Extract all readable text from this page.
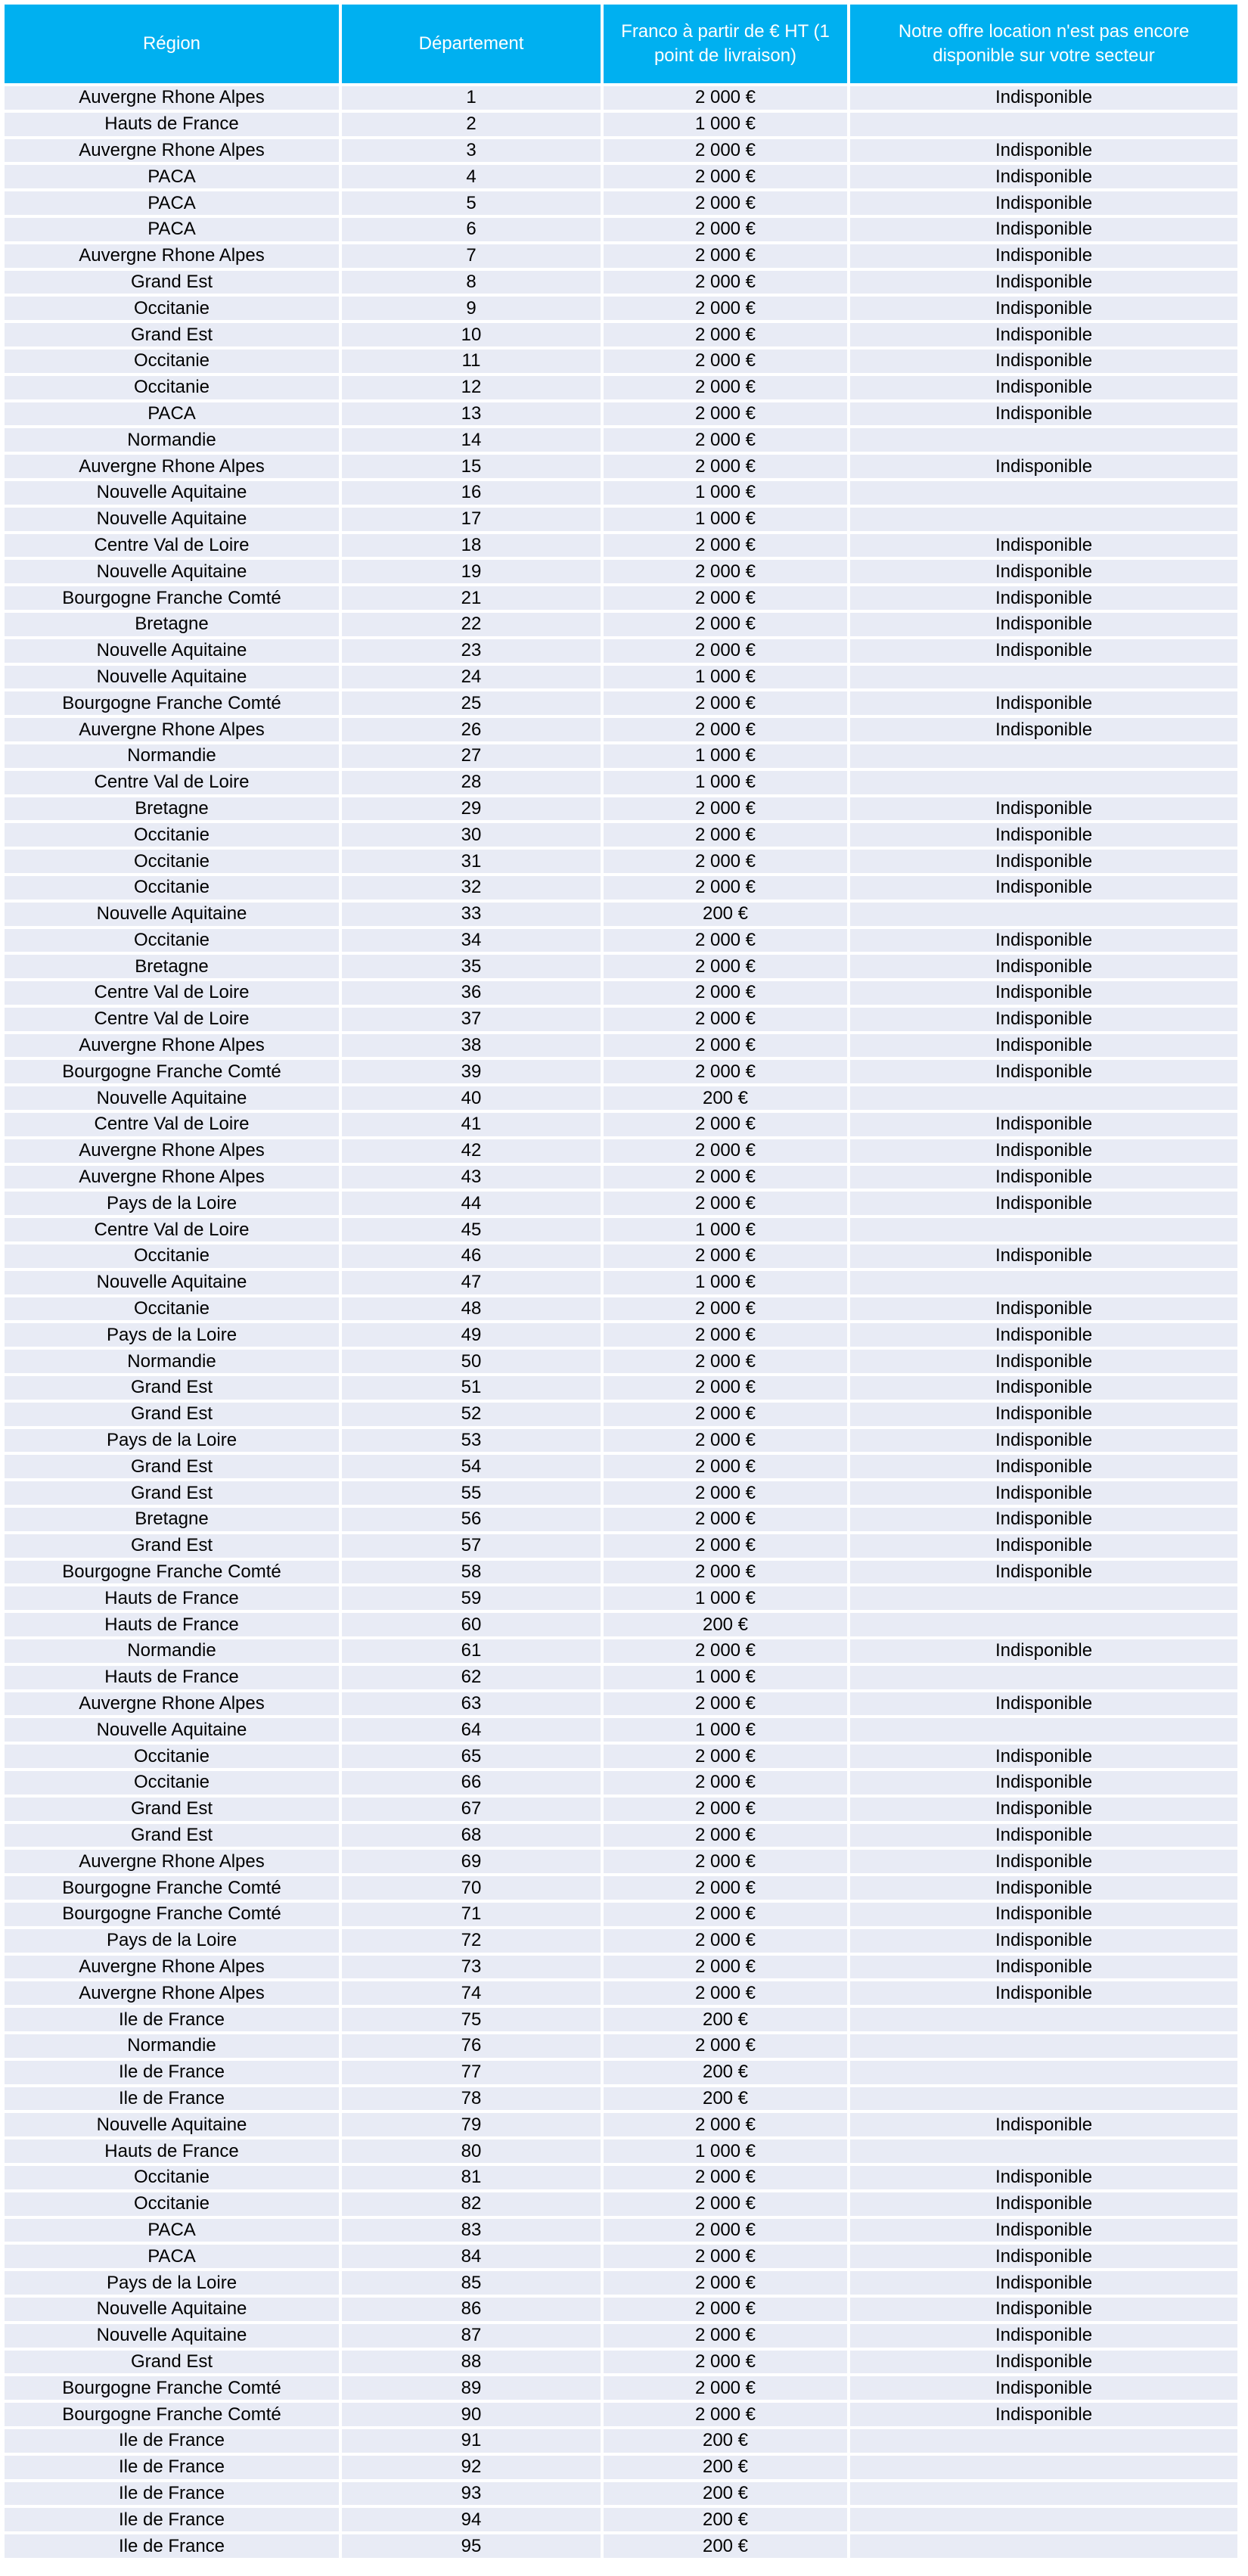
Région	Département	Franco à partir de € HT (1 point de livraison)	Notre offre location n'est pas encore disponible sur votre secteur
Auvergne Rhone Alpes	1	2 000 €	Indisponible
Hauts de France	2	1 000 €	
Auvergne Rhone Alpes	3	2 000 €	Indisponible
PACA	4	2 000 €	Indisponible
PACA	5	2 000 €	Indisponible
PACA	6	2 000 €	Indisponible
Auvergne Rhone Alpes	7	2 000 €	Indisponible
Grand Est	8	2 000 €	Indisponible
Occitanie	9	2 000 €	Indisponible
Grand Est	10	2 000 €	Indisponible
Occitanie	11	2 000 €	Indisponible
Occitanie	12	2 000 €	Indisponible
PACA	13	2 000 €	Indisponible
Normandie	14	2 000 €	
Auvergne Rhone Alpes	15	2 000 €	Indisponible
Nouvelle Aquitaine	16	1 000 €	
Nouvelle Aquitaine	17	1 000 €	
Centre Val de Loire	18	2 000 €	Indisponible
Nouvelle Aquitaine	19	2 000 €	Indisponible
Bourgogne Franche Comté	21	2 000 €	Indisponible
Bretagne	22	2 000 €	Indisponible
Nouvelle Aquitaine	23	2 000 €	Indisponible
Nouvelle Aquitaine	24	1 000 €	
Bourgogne Franche Comté	25	2 000 €	Indisponible
Auvergne Rhone Alpes	26	2 000 €	Indisponible
Normandie	27	1 000 €	
Centre Val de Loire	28	1 000 €	
Bretagne	29	2 000 €	Indisponible
Occitanie	30	2 000 €	Indisponible
Occitanie	31	2 000 €	Indisponible
Occitanie	32	2 000 €	Indisponible
Nouvelle Aquitaine	33	200 €	
Occitanie	34	2 000 €	Indisponible
Bretagne	35	2 000 €	Indisponible
Centre Val de Loire	36	2 000 €	Indisponible
Centre Val de Loire	37	2 000 €	Indisponible
Auvergne Rhone Alpes	38	2 000 €	Indisponible
Bourgogne Franche Comté	39	2 000 €	Indisponible
Nouvelle Aquitaine	40	200 €	
Centre Val de Loire	41	2 000 €	Indisponible
Auvergne Rhone Alpes	42	2 000 €	Indisponible
Auvergne Rhone Alpes	43	2 000 €	Indisponible
Pays de la Loire	44	2 000 €	Indisponible
Centre Val de Loire	45	1 000 €	
Occitanie	46	2 000 €	Indisponible
Nouvelle Aquitaine	47	1 000 €	
Occitanie	48	2 000 €	Indisponible
Pays de la Loire	49	2 000 €	Indisponible
Normandie	50	2 000 €	Indisponible
Grand Est	51	2 000 €	Indisponible
Grand Est	52	2 000 €	Indisponible
Pays de la Loire	53	2 000 €	Indisponible
Grand Est	54	2 000 €	Indisponible
Grand Est	55	2 000 €	Indisponible
Bretagne	56	2 000 €	Indisponible
Grand Est	57	2 000 €	Indisponible
Bourgogne Franche Comté	58	2 000 €	Indisponible
Hauts de France	59	1 000 €	
Hauts de France	60	200 €	
Normandie	61	2 000 €	Indisponible
Hauts de France	62	1 000 €	
Auvergne Rhone Alpes	63	2 000 €	Indisponible
Nouvelle Aquitaine	64	1 000 €	
Occitanie	65	2 000 €	Indisponible
Occitanie	66	2 000 €	Indisponible
Grand Est	67	2 000 €	Indisponible
Grand Est	68	2 000 €	Indisponible
Auvergne Rhone Alpes	69	2 000 €	Indisponible
Bourgogne Franche Comté	70	2 000 €	Indisponible
Bourgogne Franche Comté	71	2 000 €	Indisponible
Pays de la Loire	72	2 000 €	Indisponible
Auvergne Rhone Alpes	73	2 000 €	Indisponible
Auvergne Rhone Alpes	74	2 000 €	Indisponible
Ile de France	75	200 €	
Normandie	76	2 000 €	
Ile de France	77	200 €	
Ile de France	78	200 €	
Nouvelle Aquitaine	79	2 000 €	Indisponible
Hauts de France	80	1 000 €	
Occitanie	81	2 000 €	Indisponible
Occitanie	82	2 000 €	Indisponible
PACA	83	2 000 €	Indisponible
PACA	84	2 000 €	Indisponible
Pays de la Loire	85	2 000 €	Indisponible
Nouvelle Aquitaine	86	2 000 €	Indisponible
Nouvelle Aquitaine	87	2 000 €	Indisponible
Grand Est	88	2 000 €	Indisponible
Bourgogne Franche Comté	89	2 000 €	Indisponible
Bourgogne Franche Comté	90	2 000 €	Indisponible
Ile de France	91	200 €	
Ile de France	92	200 €	
Ile de France	93	200 €	
Ile de France	94	200 €	
Ile de France	95	200 €	
